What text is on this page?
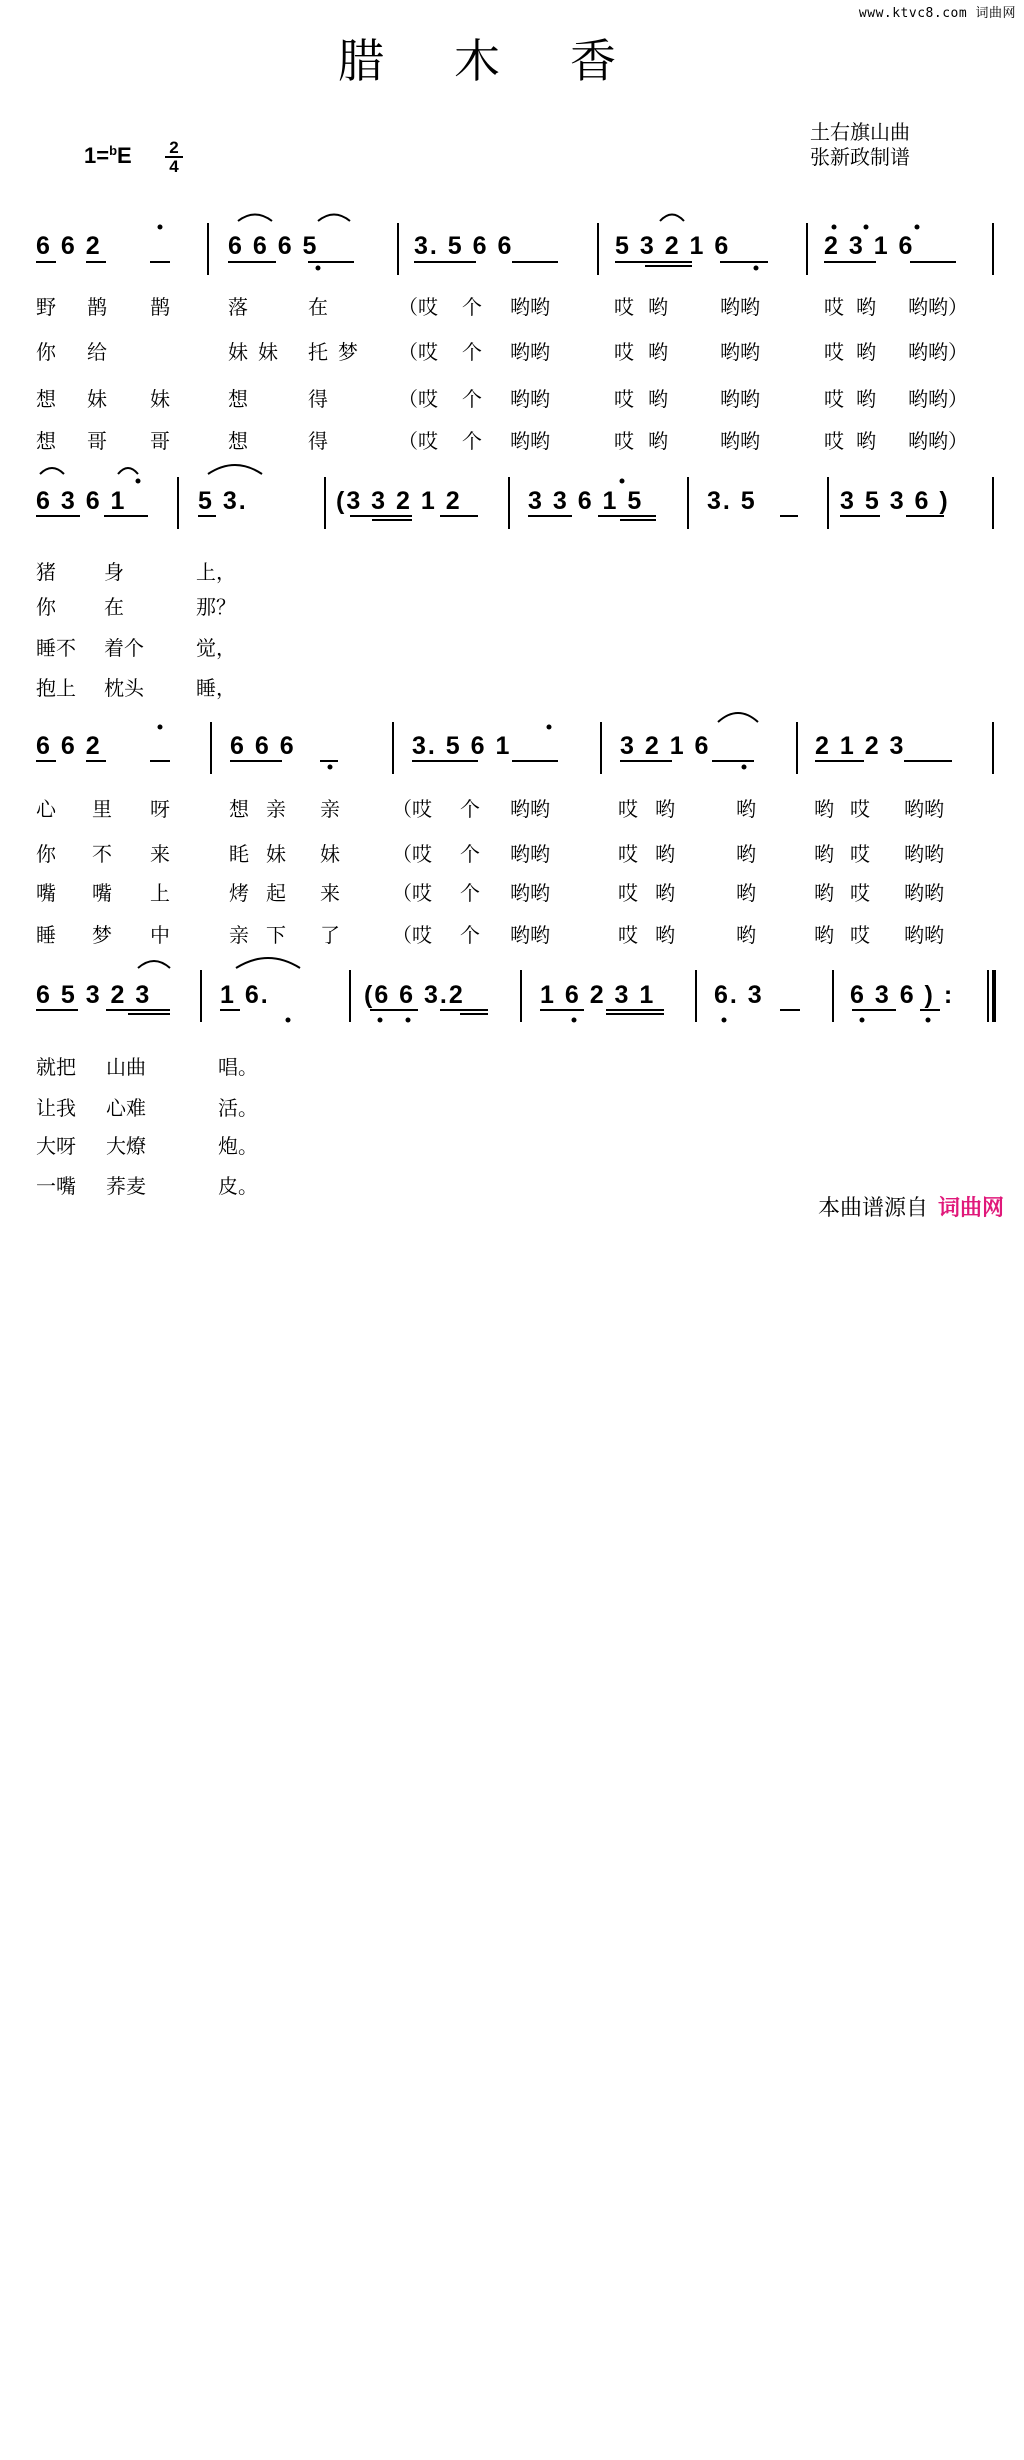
www.ktvc8.com 词曲网
腊木香
土右旗山曲
张新政制谱
1=$^b$E 2
4
6 6 2	6 6 6 5	3. 5 6 6	5 3 2 1 6	2 3 1 6

野

鹊

鹊

	落

	在

	（哎

个

哟哟

	哎

哟

	哟哟

	哎

哟

哟哟）

你

给

	妹妹

托梦

（哎

个

哟哟

	哎

哟

	哟哟

	哎

哟

哟哟）

想

妹

妹

	想

	得

	（哎

个

哟哟

	哎

哟

	哟哟

	哎

哟

哟哟）

想

哥

哥

	想

	得

	（哎

个

哟哟

	哎

哟

	哟哟

	哎

哟

哟哟）

6 3 6 1	5 3.	(3 3 2 1 2	3 3 6 1 5	3. 5	3 5 3 6 )

猪 身	上，

你 在	那？

睡不 着个	觉，

抱上 枕头	睡，

6 6 2	6 6 6	3. 5 6 1	3 2 1 6	2 1 2 3

心

里

呀

	想

亲

亲

	（哎

个

哟哟

	哎

哟

	哟

	哟

哎

哟哟

你

不

来

	眊

妹

妹

	（哎

个

哟哟

	哎

哟

	哟

	哟

哎

哟哟

嘴

嘴

上

	烤

起

来

	（哎

个

哟哟

	哎

哟

	哟

	哟

哎

哟哟

睡

梦

中

	亲

下

了

	（哎

个

哟哟

	哎

哟

	哟

	哟

哎

哟哟

6 5 3 2 3	1 6.	(6 6 3.2	1 6 2 3 1 6. 3	6 3 6 ) :

就把 山曲	唱。

让我 心难	活。

大呀 大燎	炮。

一嘴 荞麦	皮。

本曲谱源自 词曲网
